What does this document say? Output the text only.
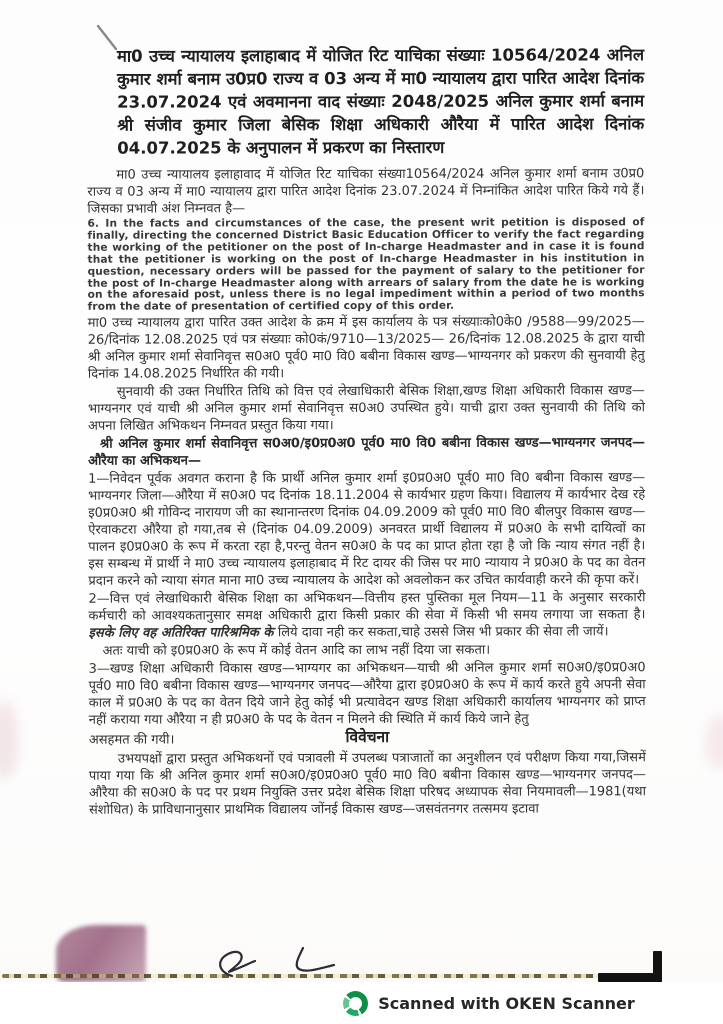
मा0 उच्च न्यायालय इलाहाबाद में योजित रिट याचिका संख्याः 10564/2024 अनिल कुमार शर्मा बनाम उ0प्र0 राज्य व 03 अन्य में मा0 न्यायालय द्वारा पारित आदेश दिनांक 23.07.2024 एवं अवमानना वाद संख्याः 2048/2025 अनिल कुमार शर्मा बनाम श्री संजीव कुमार जिला बेसिक शिक्षा अधिकारी औरैया में पारित आदेश दिनांक 04.07.2025 के अनुपालन में प्रकरण का निस्तारण

मा0 उच्च न्यायालय इलाहावाद में योजित रिट याचिका संख्या10564/2024 अनिल कुमार शर्मा बनाम उ0प्र0 राज्य व 03 अन्य में मा0 न्यायालय द्वारा पारित आदेश दिनांक 23.07.2024 में निम्नांकित आदेश पारित किये गये हैं। जिसका प्रभावी अंश निम्नवत है—

6. In the facts and circumstances of the case, the present writ petition is disposed of finally, directing the concerned District Basic Education Officer to verify the fact regarding the working of the petitioner on the post of In-charge Headmaster and in case it is found that the petitioner is working on the post of In-charge Headmaster in his institution in question, necessary orders will be passed for the payment of salary to the petitioner for the post of In-charge Headmaster along with arrears of salary from the date he is working on the aforesaid post, unless there is no legal impediment within a period of two months from the date of presentation of certified copy of this order.

मा0 उच्च न्यायालय द्वारा पारित उक्त आदेश के क्रम में इस कार्यालय के पत्र संख्याःको0के0 /9588—99/2025—26/दिनांक 12.08.2025 एवं पत्र संख्याः को0कं/9710—13/2025— 26/दिनांक 12.08.2025 के द्वारा याची श्री अनिल कुमार शर्मा सेवानिवृत्त स0अ0 पूर्व0 मा0 वि0 बबीना विकास खण्ड—भाग्यनगर को प्रकरण की सुनवायी हेतु दिनांक 14.08.2025 निर्धारित की गयी।

सुनवायी की उक्त निर्धारित तिथि को वित्त एवं लेखाधिकारी बेसिक शिक्षा,खण्ड शिक्षा अधिकारी विकास खण्ड—भाग्यनगर एवं याची श्री अनिल कुमार शर्मा सेवानिवृत्त स0अ0 उपस्थित हुये। याची द्वारा उक्त सुनवायी की तिथि को अपना लिखित अभिकथन निम्नवत प्रस्तुत किया गया।

श्री अनिल कुमार शर्मा सेवानिवृत्त स0अ0/इ0प्र0अ0 पूर्व0 मा0 वि0 बबीना विकास खण्ड—भाग्यनगर जनपद—औरैया का अभिकथन—

1—निवेदन पूर्वक अवगत कराना है कि प्रार्थी अनिल कुमार शर्मा इ0प्र0अ0 पूर्व0 मा0 वि0 बबीना विकास खण्ड—भाग्यनगर जिला—औरैया में स0अ0 पद दिनांक 18.11.2004 से कार्यभार ग्रहण किया। विद्यालय में कार्यभार देख रहे इ0प्र0अ0 श्री गोविन्द नारायण जी का स्थानान्तरण दिनांक 04.09.2009 को पूर्व0 मा0 वि0 बीलपुर विकास खण्ड—ऐरवाकटरा औरैया हो गया,तब से (दिनांक 04.09.2009) अनवरत प्रार्थी विद्यालय में प्र0अ0 के सभी दायित्वों का पालन इ0प्र0अ0 के रूप में करता रहा है,परन्तु वेतन स0अ0 के पद का प्राप्त होता रहा है जो कि न्याय संगत नहीं है। इस सम्बन्ध में प्रार्थी ने मा0 उच्च न्यायालय इलाहाबाद में रिट दायर की जिस पर मा0 न्यायाय ने प्र0अ0 के पद का वेतन प्रदान करने को न्याया संगत माना मा0 उच्च न्यायालय के आदेश को अवलोकन कर उचित कार्यवाही करने की कृपा करें।

2—वित्त एवं लेखाधिकारी बेसिक शिक्षा का अभिकथन—वित्तीय हस्त पुस्तिका मूल नियम—11 के अनुसार सरकारी कर्मचारी को आवश्यकतानुसार समक्ष अधिकारी द्वारा किसी प्रकार की सेवा में किसी भी समय लगाया जा सकता है। इसके लिए वह अतिरिक्त पारिश्रमिक के लिये दावा नही कर सकता,चाहे उससे जिस भी प्रकार की सेवा ली जायें।

अतः याची को इ0प्र0अ0 के रूप में कोई वेतन आदि का लाभ नहीं दिया जा सकता।

3—खण्ड शिक्षा अधिकारी विकास खण्ड—भाग्यगर का अभिकथन—याची श्री अनिल कुमार शर्मा स0अ0/इ0प्र0अ0 पूर्व0 मा0 वि0 बबीना विकास खण्ड—भाग्यनगर जनपद—औरैया द्वारा इ0प्र0अ0 के रूप में कार्य करते हुये अपनी सेवा काल में प्र0अ0 के पद का वेतन दिये जाने हेतु कोई भी प्रत्यावेदन खण्ड शिक्षा अधिकारी कार्यालय भाग्यनगर को प्राप्त नहीं कराया गया औरैया न ही प्र0अ0 के पद के वेतन न मिलने की स्थिति में कार्य किये जाने हेतु

असहमत की गयी।	विवेचना

उभयपक्षों द्वारा प्रस्तुत अभिकथनों एवं पत्रावली में उपलब्ध पत्राजातों का अनुशीलन एवं परीक्षण किया गया,जिसमें पाया गया कि श्री अनिल कुमार शर्मा स0अ0/इ0प्र0अ0 पूर्व0 मा0 वि0 बबीना विकास खण्ड—भाग्यनगर जनपद—औरैया की स0अ0 के पद पर प्रथम नियुक्ति उत्तर प्रदेश बेसिक शिक्षा परिषद अध्यापक सेवा नियमावली—1981(यथा संशोधित) के प्राविधानानुसार प्राथमिक विद्यालय जोंनई विकास खण्ड—जसवंतनगर तत्समय इटावा

Scanned with OKEN Scanner
